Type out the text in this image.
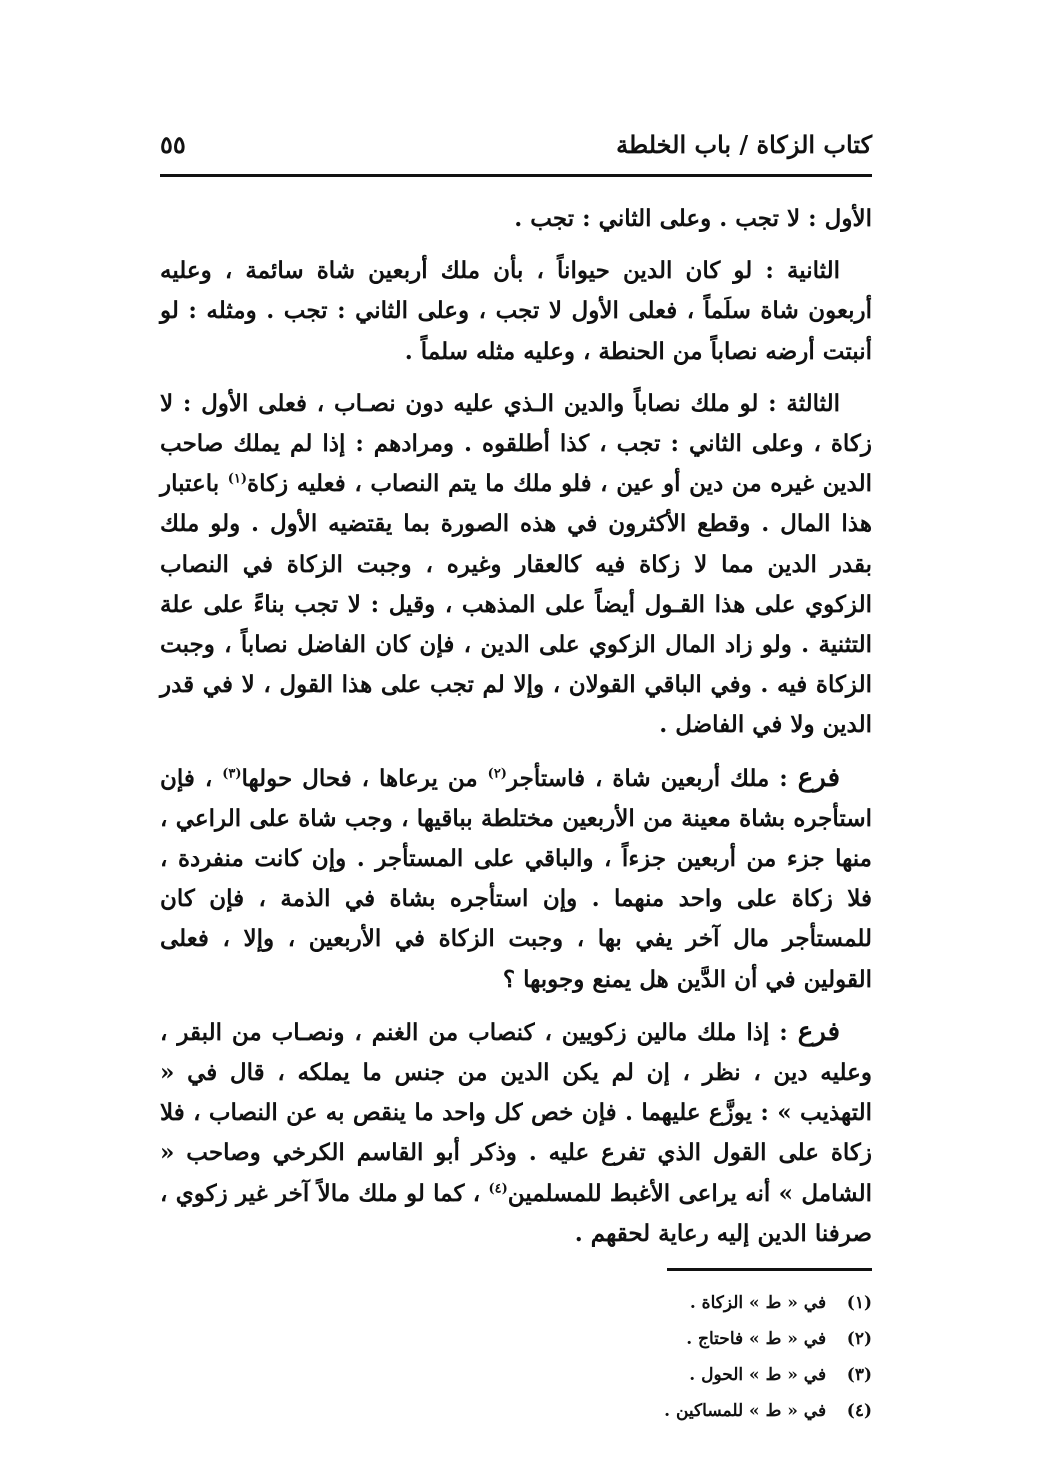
كتاب الزكاة / باب الخلطة
٥٥

الأول : لا تجب . وعلى الثاني : تجب .

الثانية : لو كان الدين حيواناً ، بأن ملك أربعين شاة سائمة ، وعليه أربعون شاة سلَماً ، فعلى الأول لا تجب ، وعلى الثاني : تجب . ومثله : لو أنبتت أرضه نصاباً من الحنطة ، وعليه مثله سلماً .

الثالثة : لو ملك نصاباً والدين الـذي عليه دون نصـاب ، فعلى الأول : لا زكاة ، وعلى الثاني : تجب ، كذا أطلقوه . ومرادهم : إذا لم يملك صاحب الدين غيره من دين أو عين ، فلو ملك ما يتم النصاب ، فعليه زكاة$^{(١)}$ باعتبار هذا المال . وقطع الأكثرون في هذه الصورة بما يقتضيه الأول . ولو ملك بقدر الدين مما لا زكاة فيه كالعقار وغيره ، وجبت الزكاة في النصاب الزكوي على هذا القـول أيضاً على المذهب ، وقيل : لا تجب بناءً على علة التثنية . ولو زاد المال الزكوي على الدين ، فإن كان الفاضل نصاباً ، وجبت الزكاة فيه . وفي الباقي القولان ، وإلا لم تجب على هذا القول ، لا في قدر الدين ولا في الفاضل .

فرع : ملك أربعين شاة ، فاستأجر$^{(٢)}$ من يرعاها ، فحال حولها$^{(٣)}$ ، فإن استأجره بشاة معينة من الأربعين مختلطة بباقيها ، وجب شاة على الراعي ، منها جزء من أربعين جزءاً ، والباقي على المستأجر . وإن كانت منفردة ، فلا زكاة على واحد منهما . وإن استأجره بشاة في الذمة ، فإن كان للمستأجر مال آخر يفي بها ، وجبت الزكاة في الأربعين ، وإلا ، فعلى القولين في أن الدَّين هل يمنع وجوبها ؟

فرع : إذا ملك مالين زكويين ، كنصاب من الغنم ، ونصـاب من البقر ، وعليه دين ، نظر ، إن لم يكن الدين من جنس ما يملكه ، قال في « التهذيب » : يوزَّع عليهما . فإن خص كل واحد ما ينقص به عن النصاب ، فلا زكاة على القول الذي تفرع عليه . وذكر أبو القاسم الكرخي وصاحب « الشامل » أنه يراعى الأغبط للمسلمين$^{(٤)}$ ، كما لو ملك مالاً آخر غير زكوي ، صرفنا الدين إليه رعاية لحقهم .

(١) في « ط » الزكاة .
(٢) في « ط » فاحتاج .
(٣) في « ط » الحول .
(٤) في « ط » للمساكين .
